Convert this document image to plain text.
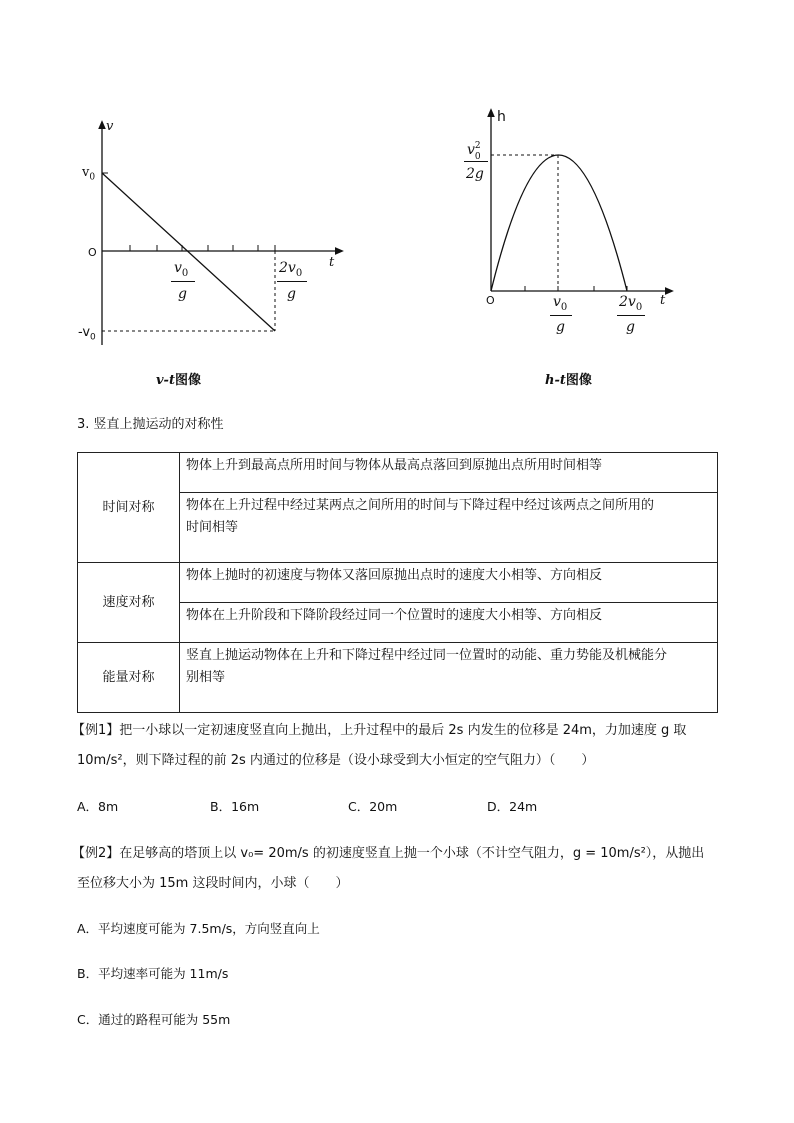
v
t
O
$v_0$
$-v_0$
$v_0$
g
$2v_0$
g
v-t图像
h
t
O
v 2
0
2g
$v_0$
g
$2v_0$
g
h-t图像
3. 竖直上抛运动的对称性
时间对称	物体上升到最高点所用时间与物体从最高点落回到原抛出点所用时间相等

	物体在上升过程中经过某两点之间所用的时间与下降过程中经过该两点之间所用的
时间相等

速度对称	物体上抛时的初速度与物体又落回原抛出点时的速度大小相等、方向相反
	物体在上升阶段和下降阶段经过同一个位置时的速度大小相等、方向相反
能量对称	竖直上抛运动物体在上升和下降过程中经过同一位置时的动能、重力势能及机械能分
别相等
【例1】把一小球以一定初速度竖直向上抛出，上升过程中的最后 2s 内发生的位移是 24m，力加速度 g 取
10m/s²，则下降过程的前 2s 内通过的位移是（设小球受到大小恒定的空气阻力）（　　）
A．8m	B．16m	C．20m	D．24m
【例2】在足够高的塔顶上以 v₀= 20m/s 的初速度竖直上抛一个小球（不计空气阻力，g = 10m/s²），从抛出
至位移大小为 15m 这段时间内，小球（　　）
A．平均速度可能为 7.5m/s，方向竖直向上
B．平均速率可能为 11m/s
C．通过的路程可能为 55m
